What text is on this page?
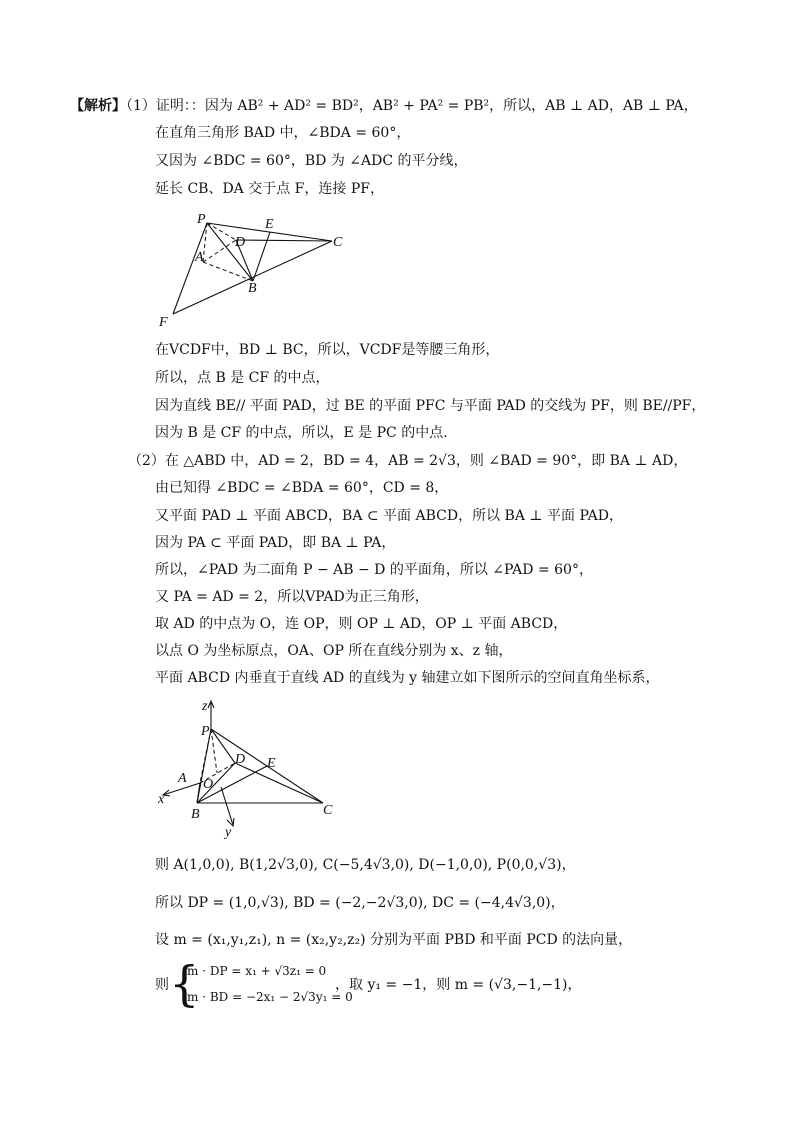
【解析】（1）证明：：因为 AB² + AD² = BD²，AB² + PA² = PB²，所以，AB ⊥ AD，AB ⊥ PA，
在直角三角形 BAD 中，∠BDA = 60°，
又因为 ∠BDC = 60°，BD 为 ∠ADC 的平分线，
延长 CB、DA 交于点 F，连接 PF，
P	E
D
A
C
B
F
在VCDF中，BD ⊥ BC，所以，VCDF是等腰三角形，
所以，点 B 是 CF 的中点，
因为直线 BE// 平面 PAD，过 BE 的平面 PFC 与平面 PAD 的交线为 PF，则 BE//PF，
因为 B 是 CF 的中点，所以，E 是 PC 的中点.
（2）在 △ABD 中，AD = 2，BD = 4，AB = 2√3，则 ∠BAD = 90°，即 BA ⊥ AD，
由已知得 ∠BDC = ∠BDA = 60°，CD = 8，
又平面 PAD ⊥ 平面 ABCD，BA ⊂ 平面 ABCD，所以 BA ⊥ 平面 PAD，
因为 PA ⊂ 平面 PAD，即 BA ⊥ PA，
所以，∠PAD 为二面角 P − AB − D 的平面角，所以 ∠PAD = 60°，
又 PA = AD = 2，所以VPAD为正三角形，
取 AD 的中点为 O，连 OP，则 OP ⊥ AD，OP ⊥ 平面 ABCD，
以点 O 为坐标原点，OA、OP 所在直线分别为 x、z 轴，
平面 ABCD 内垂直于直线 AD 的直线为 y 轴建立如下图所示的空间直角坐标系，
z
P
D E
A O
x
B	C
y
则 A(1,0,0), B(1,2√3,0), C(−5,4√3,0), D(−1,0,0), P(0,0,√3)，
所以 DP = (1,0,√3), BD = (−2,−2√3,0), DC = (−4,4√3,0)，
设 m = (x₁,y₁,z₁), n = (x₂,y₂,z₂) 分别为平面 PBD 和平面 PCD 的法向量，
则 {
m · DP = x₁ + √3z₁ = 0
m · BD = −2x₁ − 2√3y₁ = 0
，取 y₁ = −1，则 m = (√3,−1,−1)，
